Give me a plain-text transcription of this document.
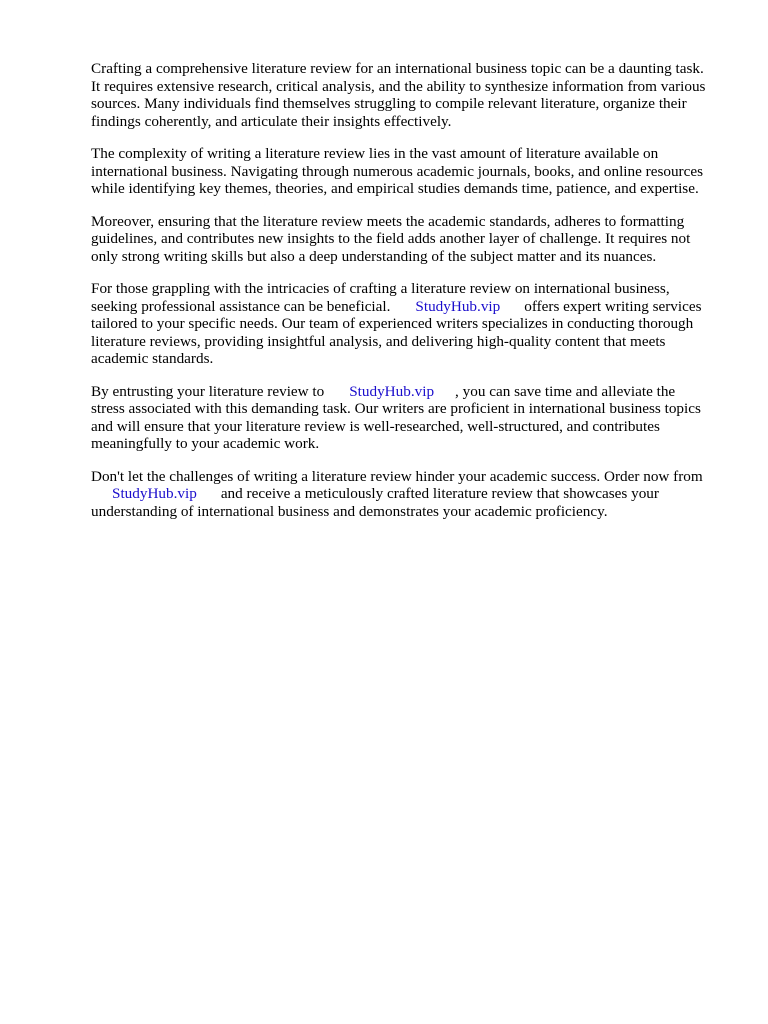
Crafting a comprehensive literature review for an international business topic can be a daunting task.
It requires extensive research, critical analysis, and the ability to synthesize information from various
sources. Many individuals find themselves struggling to compile relevant literature, organize their
findings coherently, and articulate their insights effectively.

The complexity of writing a literature review lies in the vast amount of literature available on
international business. Navigating through numerous academic journals, books, and online resources
while identifying key themes, theories, and empirical studies demands time, patience, and expertise.

Moreover, ensuring that the literature review meets the academic standards, adheres to formatting
guidelines, and contributes new insights to the field adds another layer of challenge. It requires not
only strong writing skills but also a deep understanding of the subject matter and its nuances.

For those grappling with the intricacies of crafting a literature review on international business,
seeking professional assistance can be beneficial. StudyHub.vip offers expert writing services
tailored to your specific needs. Our team of experienced writers specializes in conducting thorough
literature reviews, providing insightful analysis, and delivering high-quality content that meets
academic standards.

By entrusting your literature review to StudyHub.vip , you can save time and alleviate the
stress associated with this demanding task. Our writers are proficient in international business topics
and will ensure that your literature review is well-researched, well-structured, and contributes
meaningfully to your academic work.

Don't let the challenges of writing a literature review hinder your academic success. Order now from
StudyHub.vip and receive a meticulously crafted literature review that showcases your
understanding of international business and demonstrates your academic proficiency.
